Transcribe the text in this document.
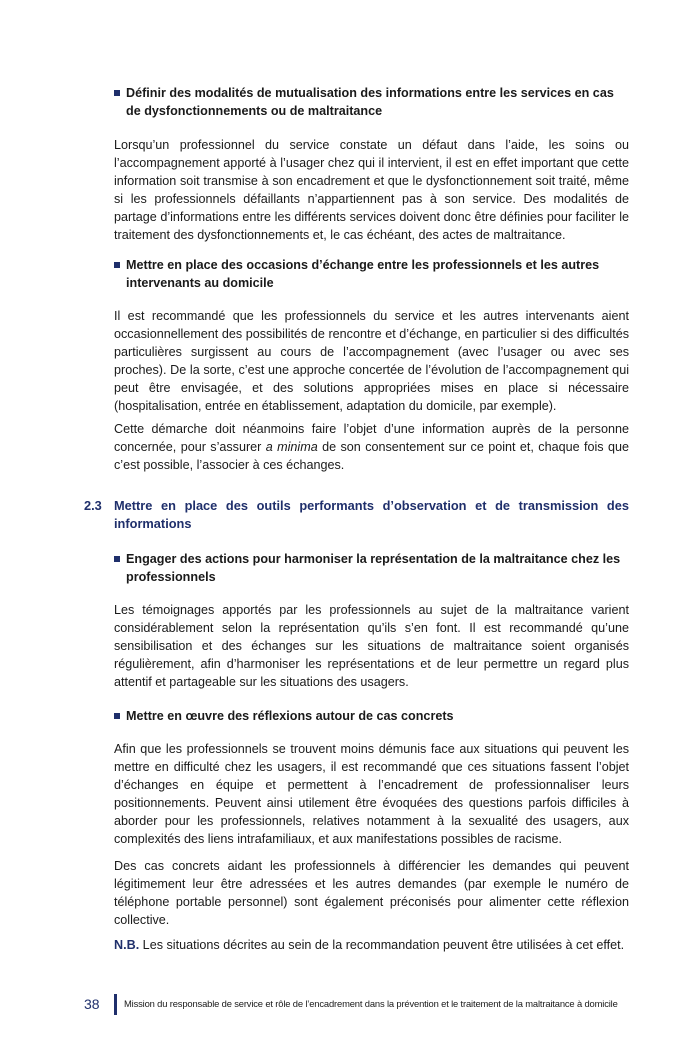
Définir des modalités de mutualisation des informations entre les services en cas de dysfonctionnements ou de maltraitance
Lorsqu’un professionnel du service constate un défaut dans l’aide, les soins ou l’accompagnement apporté à l’usager chez qui il intervient, il est en effet important que cette information soit transmise à son encadrement et que le dysfonctionnement soit traité, même si les professionnels défaillants n’appartiennent pas à son service. Des modalités de partage d’informations entre les différents services doivent donc être définies pour faciliter le traitement des dysfonctionnements et, le cas échéant, des actes de maltraitance.
Mettre en place des occasions d’échange entre les professionnels et les autres intervenants au domicile
Il est recommandé que les professionnels du service et les autres intervenants aient occasionnellement des possibilités de rencontre et d’échange, en particulier si des difficultés particulières surgissent au cours de l’accompagnement (avec l’usager ou avec ses proches). De la sorte, c’est une approche concertée de l’évolution de l’accompagnement qui peut être envisagée, et des solutions appropriées mises en place si nécessaire (hospitalisation, entrée en établissement, adaptation du domicile, par exemple).
Cette démarche doit néanmoins faire l’objet d’une information auprès de la personne concernée, pour s’assurer a minima de son consentement sur ce point et, chaque fois que c’est possible, l’associer à ces échanges.
2.3 Mettre en place des outils performants d’observation et de transmission des informations
Engager des actions pour harmoniser la représentation de la maltraitance chez les professionnels
Les témoignages apportés par les professionnels au sujet de la maltraitance varient considérablement selon la représentation qu’ils s’en font. Il est recommandé qu’une sensibilisation et des échanges sur les situations de maltraitance soient organisés régulièrement, afin d’harmoniser les représentations et de leur permettre un regard plus attentif et partageable sur les situations des usagers.
Mettre en œuvre des réflexions autour de cas concrets
Afin que les professionnels se trouvent moins démunis face aux situations qui peuvent les mettre en difficulté chez les usagers, il est recommandé que ces situations fassent l’objet d’échanges en équipe et permettent à l’encadrement de professionnaliser leurs positionnements. Peuvent ainsi utilement être évoquées des questions parfois difficiles à aborder pour les professionnels, relatives notamment à la sexualité des usagers, aux complexités des liens intrafamiliaux, et aux manifestations possibles de racisme.
Des cas concrets aidant les professionnels à différencier les demandes qui peuvent légitimement leur être adressées et les autres demandes (par exemple le numéro de téléphone portable personnel) sont également préconisés pour alimenter cette réflexion collective.
N.B. Les situations décrites au sein de la recommandation peuvent être utilisées à cet effet.
38	Mission du responsable de service et rôle de l’encadrement dans la prévention et le traitement de la maltraitance à domicile
